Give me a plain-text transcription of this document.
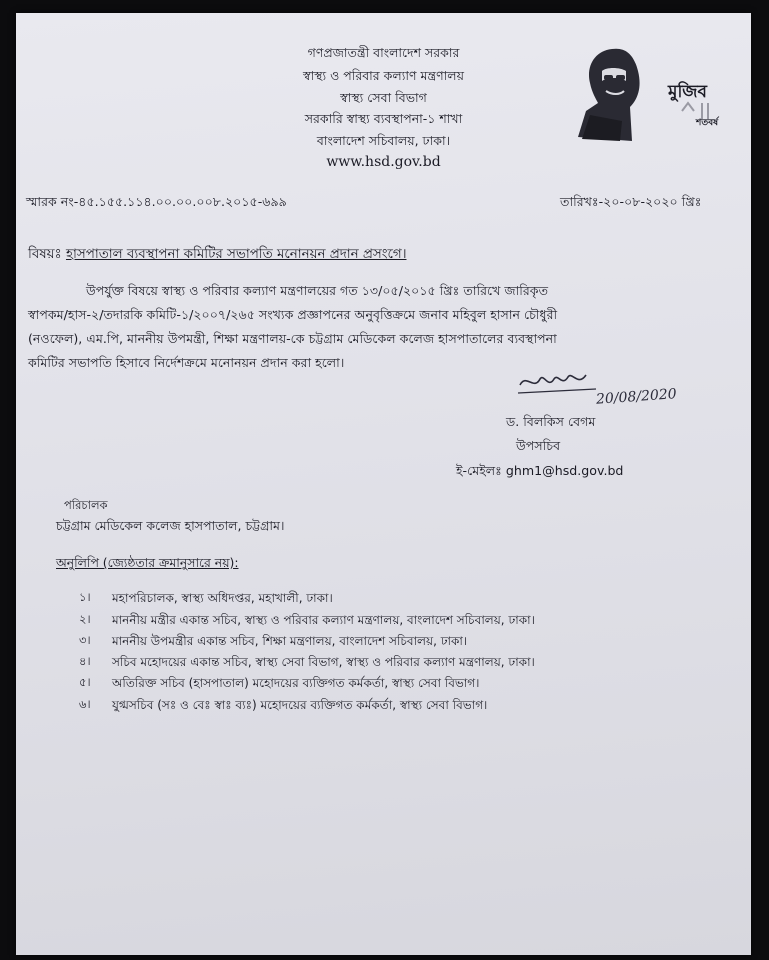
গণপ্রজাতন্ত্রী বাংলাদেশ সরকার
স্বাস্থ্য ও পরিবার কল্যাণ মন্ত্রণালয়
স্বাস্থ্য সেবা বিভাগ
সরকারি স্বাস্থ্য ব্যবস্থাপনা-১ শাখা
বাংলাদেশ সচিবালয়, ঢাকা।
www.hsd.gov.bd
মুজিব
শতবর্ষ
স্মারক নং-৪৫.১৫৫.১১৪.০০.০০.০০৮.২০১৫-৬৯৯	তারিখঃ-২০-০৮-২০২০ খ্রিঃ
বিষয়ঃ হাসপাতাল ব্যবস্থাপনা কমিটির সভাপতি মনোনয়ন প্রদান প্রসংগে।
উপর্যুক্ত বিষয়ে স্বাস্থ্য ও পরিবার কল্যাণ মন্ত্রণালয়ের গত ১৩/০৫/২০১৫ খ্রিঃ তারিখে জারিকৃত
স্বাপকম/হাস-২/তদারকি কমিটি-১/২০০৭/২৬৫ সংখ্যক প্রজ্ঞাপনের অনুবৃত্তিক্রমে জনাব মহিবুল হাসান চৌধুরী
(নওফেল), এম.পি, মাননীয় উপমন্ত্রী, শিক্ষা মন্ত্রণালয়-কে চট্টগ্রাম মেডিকেল কলেজ হাসপাতালের ব্যবস্থাপনা
কমিটির সভাপতি হিসাবে নির্দেশক্রমে মনোনয়ন প্রদান করা হলো।
20/08/2020
ড. বিলকিস বেগম
উপসচিব
ই-মেইলঃ ghm1@hsd.gov.bd
পরিচালক
চট্টগ্রাম মেডিকেল কলেজ হাসপাতাল, চট্টগ্রাম।
অনুলিপি (জ্যেষ্ঠতার ক্রমানুসারে নয়):
১। মহাপরিচালক, স্বাস্থ্য অধিদপ্তর, মহাখালী, ঢাকা।
২। মাননীয় মন্ত্রীর একান্ত সচিব, স্বাস্থ্য ও পরিবার কল্যাণ মন্ত্রণালয়, বাংলাদেশ সচিবালয়, ঢাকা।
৩। মাননীয় উপমন্ত্রীর একান্ত সচিব, শিক্ষা মন্ত্রণালয়, বাংলাদেশ সচিবালয়, ঢাকা।
৪। সচিব মহোদয়ের একান্ত সচিব, স্বাস্থ্য সেবা বিভাগ, স্বাস্থ্য ও পরিবার কল্যাণ মন্ত্রণালয়, ঢাকা।
৫। অতিরিক্ত সচিব (হাসপাতাল) মহোদয়ের ব্যক্তিগত কর্মকর্তা, স্বাস্থ্য সেবা বিভাগ।
৬। যুগ্মসচিব (সঃ ও বেঃ স্বাঃ ব্যঃ) মহোদয়ের ব্যক্তিগত কর্মকর্তা, স্বাস্থ্য সেবা বিভাগ।
